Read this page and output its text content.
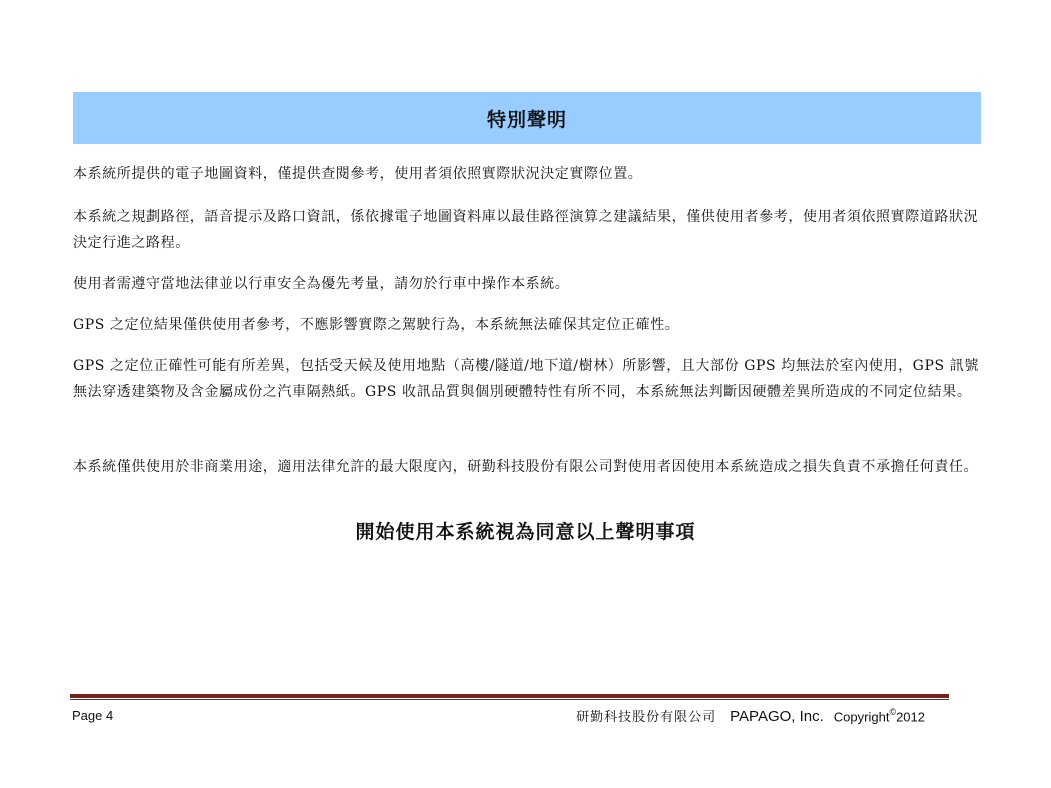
特別聲明

本系統所提供的電子地圖資料，僅提供查閱參考，使用者須依照實際狀況決定實際位置。

本系統之規劃路徑，語音提示及路口資訊，係依據電子地圖資料庫以最佳路徑演算之建議結果，僅供使用者參考，使用者須依照實際道路狀況決定行進之路程。

使用者需遵守當地法律並以行車安全為優先考量，請勿於行車中操作本系統。

GPS 之定位結果僅供使用者參考，不應影響實際之駕駛行為，本系統無法確保其定位正確性。

GPS 之定位正確性可能有所差異，包括受天候及使用地點（高樓/隧道/地下道/樹林）所影響，且大部份 GPS 均無法於室內使用，GPS 訊號無法穿透建築物及含金屬成份之汽車隔熱紙。GPS 收訊品質與個別硬體特性有所不同，本系統無法判斷因硬體差異所造成的不同定位結果。

本系統僅供使用於非商業用途，適用法律允許的最大限度內，研勤科技股份有限公司對使用者因使用本系統造成之損失負責不承擔任何責任。

開始使用本系統視為同意以上聲明事項
Page 4	研勤科技股份有限公司 PAPAGO, Inc. Copyright©2012
